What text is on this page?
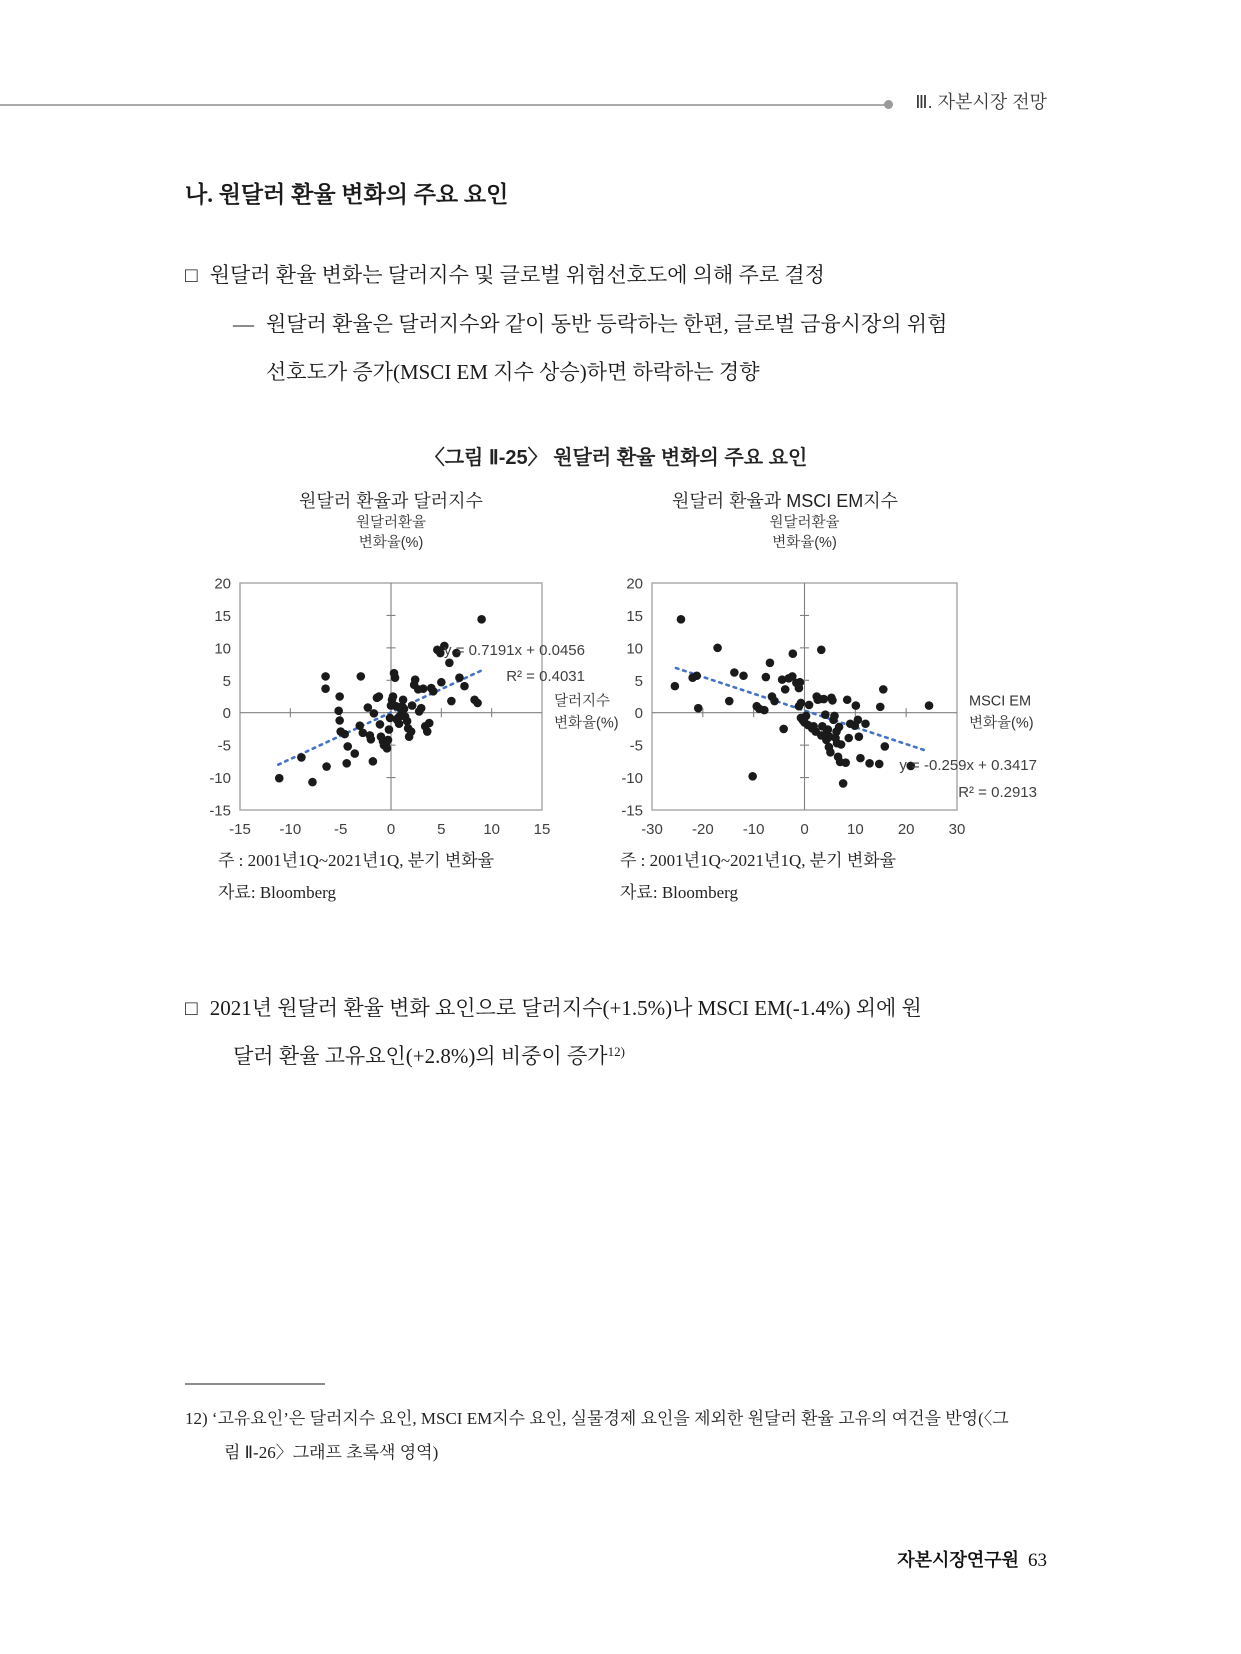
Ⅲ. 자본시장 전망
나. 원달러 환율 변화의 주요 요인
□ 원달러 환율 변화는 달러지수 및 글로벌 위험선호도에 의해 주로 결정
— 원달러 환율은 달러지수와 같이 동반 등락하는 한편, 글로벌 금융시장의 위험
선호도가 증가(MSCI EM 지수 상승)하면 하락하는 경향
〈그림 Ⅱ-25〉 원달러 환율 변화의 주요 요인
원달러 환율과 달러지수	원달러 환율과 MSCI EM지수
20
15
10
5
0
-5
-10
-15
-15 -10 -5	0	5	10 15
원달러환율
변화율(%)
달러지수
변화율(%)
y = 0.7191x + 0.0456
R² = 0.4031
20
15
10
5
0
-5
-10
-15
-30 -20 -10 0	10 20 30
원달러환율
변화율(%)
MSCI EM
변화율(%)
y = -0.259x + 0.3417
R² = 0.2913
주 : 2001년1Q~2021년1Q, 분기 변화율
자료: Bloomberg
주 : 2001년1Q~2021년1Q, 분기 변화율
자료: Bloomberg
□ 2021년 원달러 환율 변화 요인으로 달러지수(+1.5%)나 MSCI EM(-1.4%) 외에 원
달러 환율 고유요인(+2.8%)의 비중이 증가$^{12)}$
12) ‘고유요인’은 달러지수 요인, MSCI EM지수 요인, 실물경제 요인을 제외한 원달러 환율 고유의 여건을 반영(〈그
림 Ⅱ-26〉그래프 초록색 영역)
자본시장연구원 63
